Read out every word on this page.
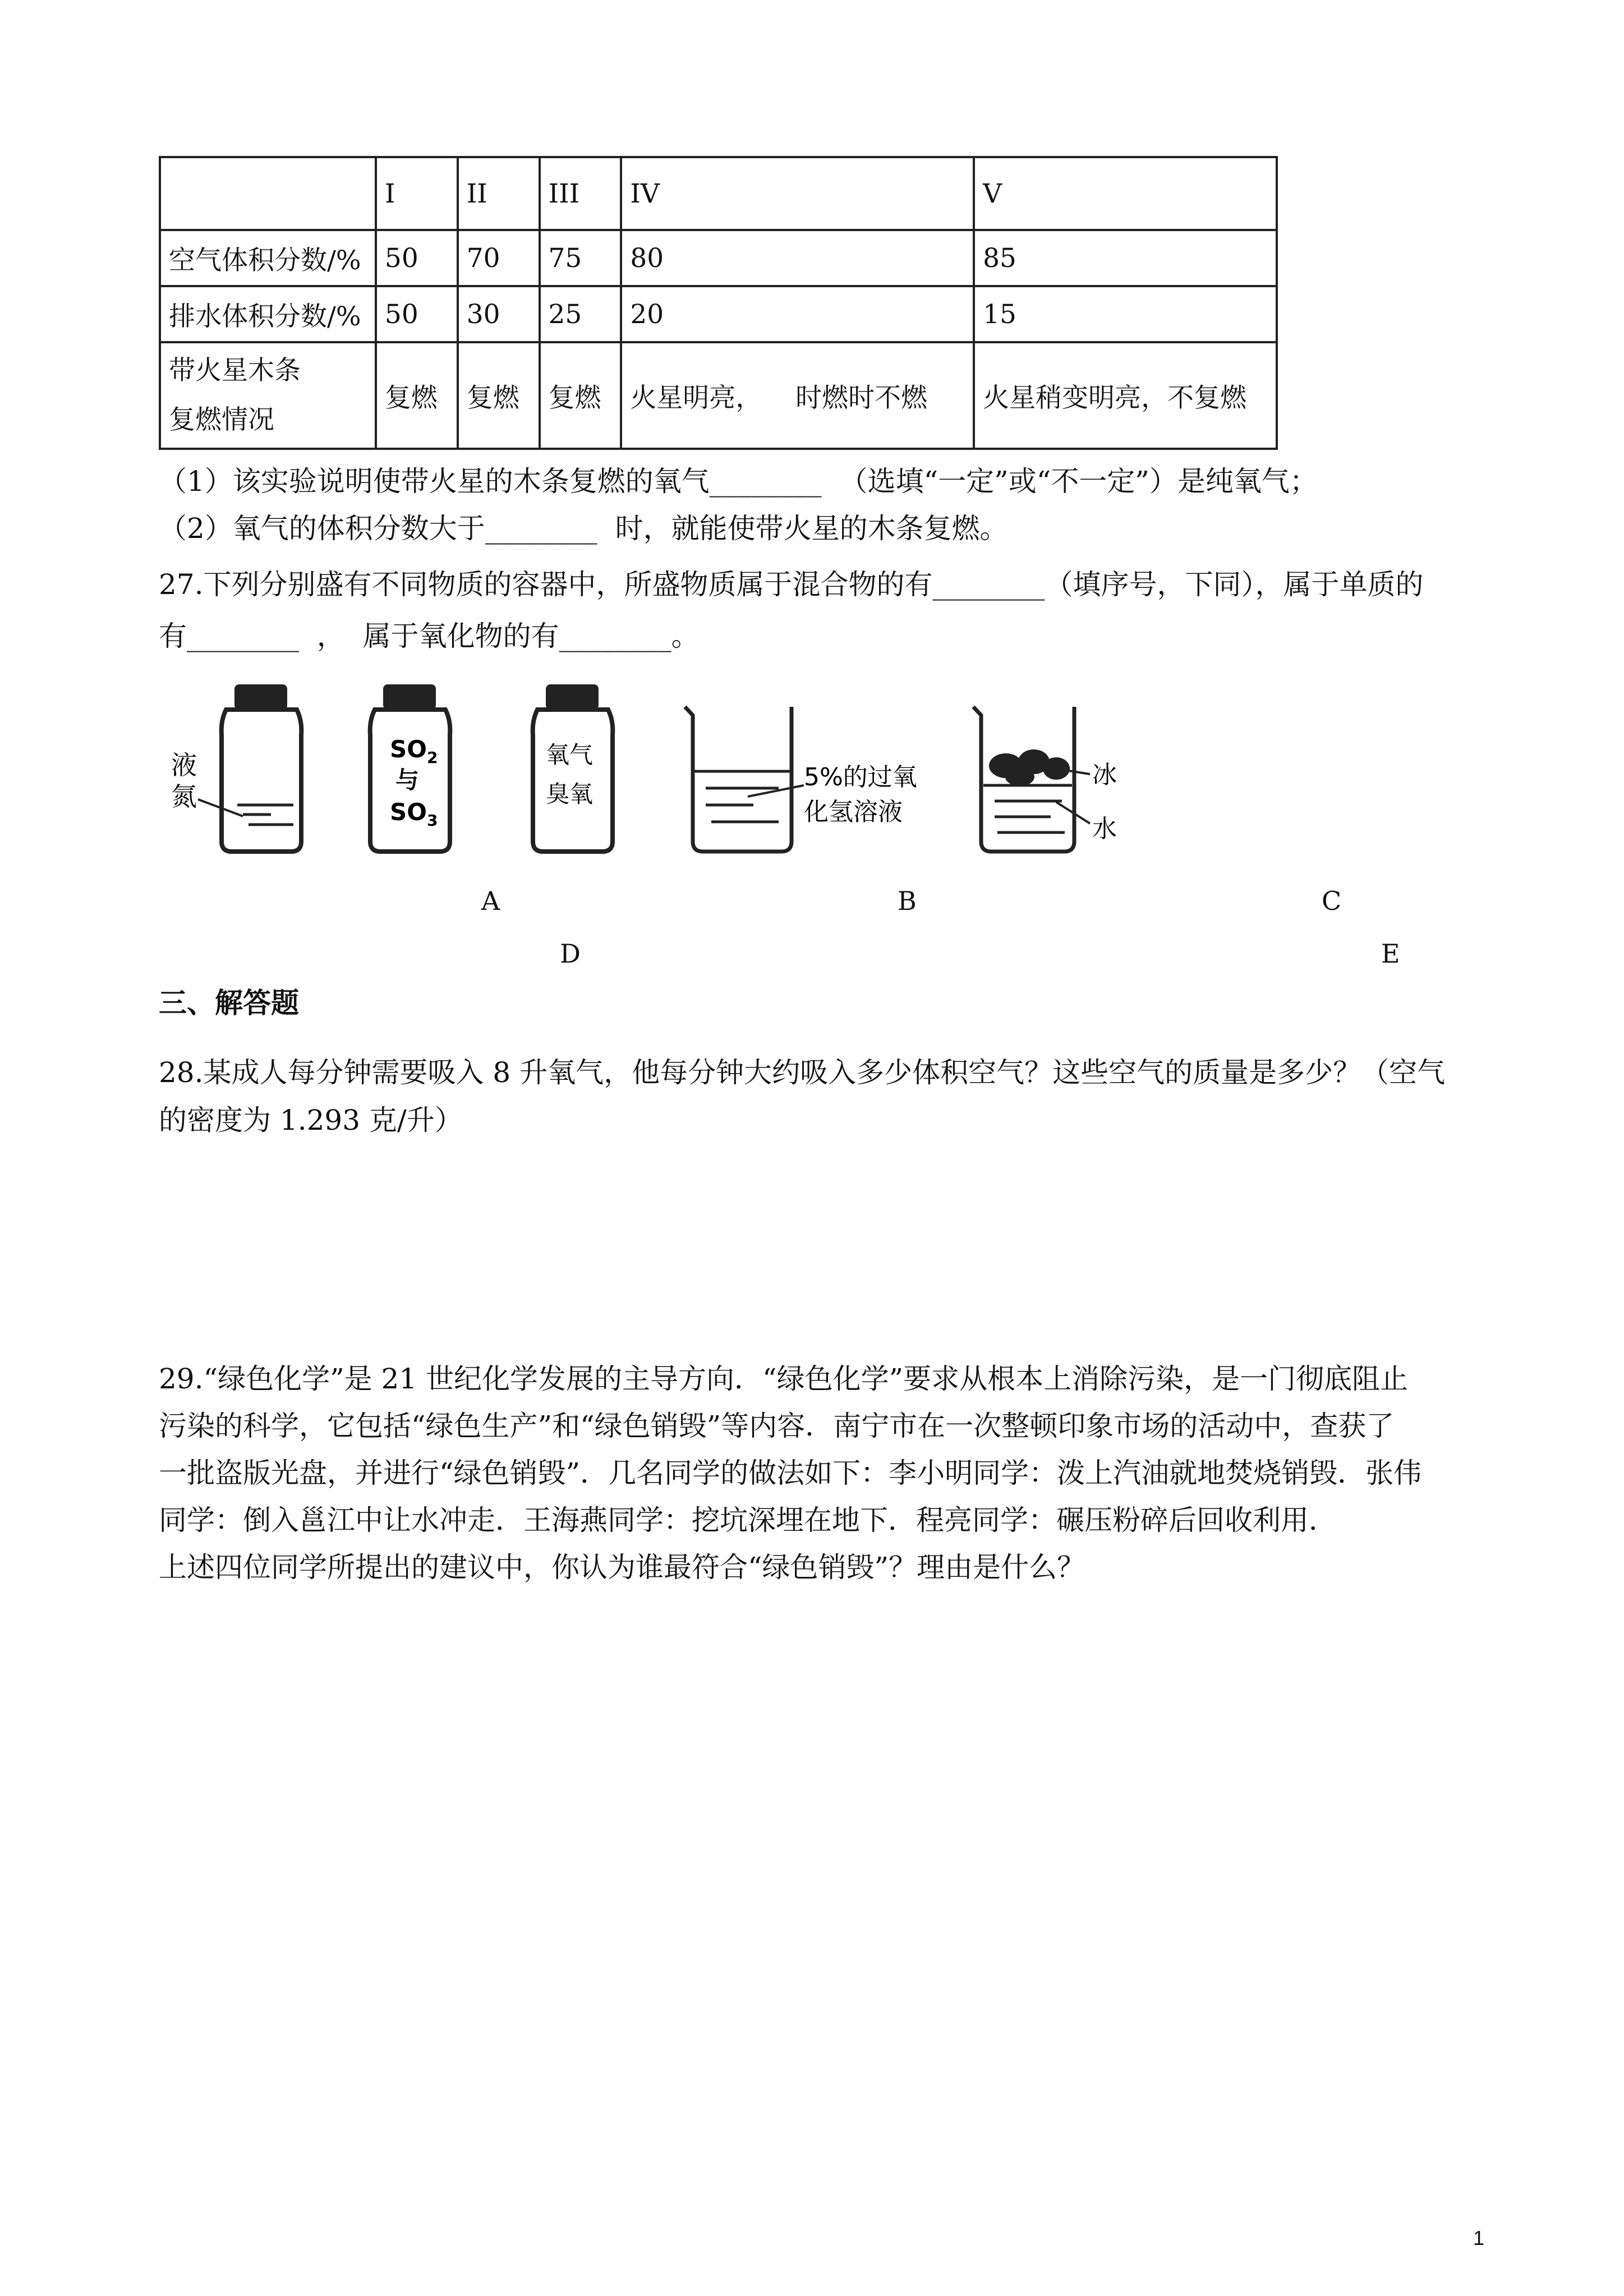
	I	II	III	IV	V
空气体积分数/%	50	70	75	80	85
排水体积分数/%	50	30	25	20	15

带火星木条
复燃情况	复燃	复燃	复燃	火星明亮，    时燃时不燃	火星稍变明亮，不复燃
（1）该实验说明使带火星的木条复燃的氧气________  （选填“一定”或“不一定”）是纯氧气；
（2）氧气的体积分数大于________  时，就能使带火星的木条复燃。
27.下列分别盛有不同物质的容器中，所盛物质属于混合物的有________（填序号，下同），属于单质的
有________  ，  属于氧化物的有________。
液
氮
$SO_2$
与
$SO_3$
氧气
臭氧
5%的过氧
化氢溶液
冰
水
A	B	C
D	E
三、解答题
28.某成人每分钟需要吸入 8 升氧气，他每分钟大约吸入多少体积空气？这些空气的质量是多少？（空气
的密度为 1.293 克/升）
29.“绿色化学”是 21 世纪化学发展的主导方向．“绿色化学”要求从根本上消除污染，是一门彻底阻止
污染的科学，它包括“绿色生产”和“绿色销毁”等内容．南宁市在一次整顿印象市场的活动中，查获了
一批盗版光盘，并进行“绿色销毁”．几名同学的做法如下：李小明同学：泼上汽油就地焚烧销毁．张伟
同学：倒入邕江中让水冲走．王海燕同学：挖坑深埋在地下．程亮同学：碾压粉碎后回收利用．
上述四位同学所提出的建议中，你认为谁最符合“绿色销毁”？理由是什么？
1
